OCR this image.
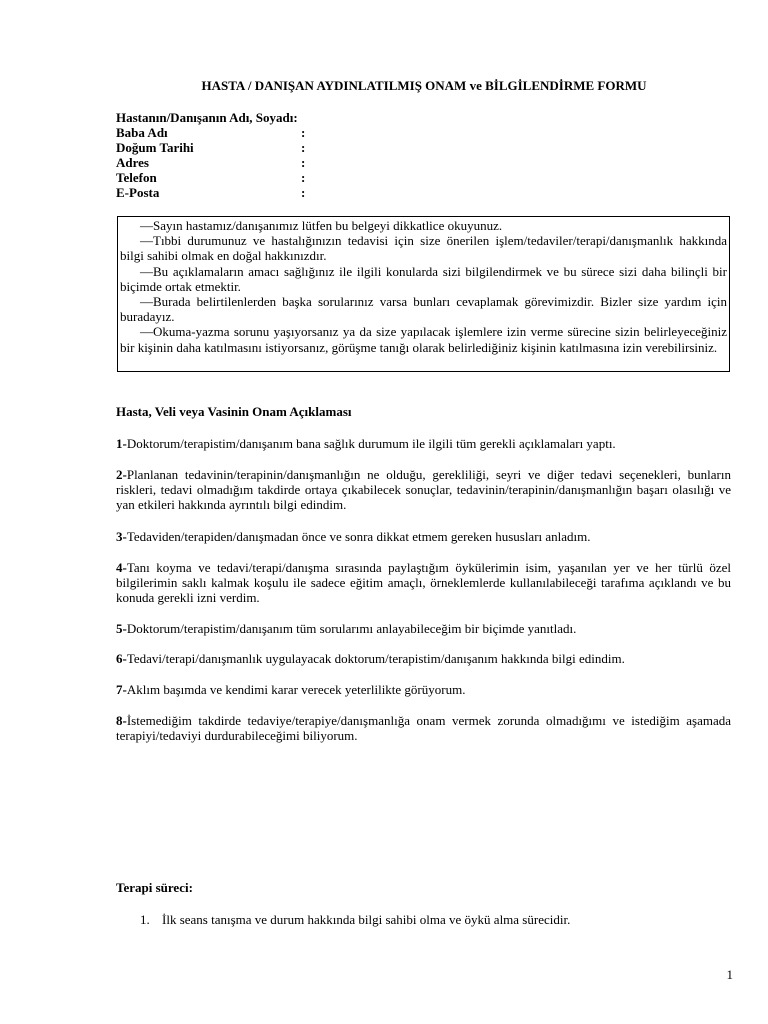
HASTA / DANIŞAN AYDINLATILMIŞ ONAM ve BİLGİLENDİRME FORMU
Hastanın/Danışanın Adı, Soyadı:
Baba Adı	:
Doğum Tarihi	:
Adres	:
Telefon	:
E-Posta	:

—Sayın hastamız/danışanımız lütfen bu belgeyi dikkatlice okuyunuz.

—Tıbbi durumunuz ve hastalığınızın tedavisi için size önerilen işlem/tedaviler/terapi/danışmanlık hakkında bilgi sahibi olmak en doğal hakkınızdır.

—Bu açıklamaların amacı sağlığınız ile ilgili konularda sizi bilgilendirmek ve bu sürece sizi daha bilinçli bir biçimde ortak etmektir.

—Burada belirtilenlerden başka sorularınız varsa bunları cevaplamak görevimizdir. Bizler size yardım için buradayız.

—Okuma-yazma sorunu yaşıyorsanız ya da size yapılacak işlemlere izin verme sürecine sizin belirleyeceğiniz bir kişinin daha katılmasını istiyorsanız, görüşme tanığı olarak belirlediğiniz kişinin katılmasına izin verebilirsiniz.

Hasta, Veli veya Vasinin Onam Açıklaması
1-Doktorum/terapistim/danışanım bana sağlık durumum ile ilgili tüm gerekli açıklamaları yaptı.
2-Planlanan tedavinin/terapinin/danışmanlığın ne olduğu, gerekliliği, seyri ve diğer tedavi seçenekleri, bunların riskleri, tedavi olmadığım takdirde ortaya çıkabilecek sonuçlar, tedavinin/terapinin/danışmanlığın başarı olasılığı ve yan etkileri hakkında ayrıntılı bilgi edindim.
3-Tedaviden/terapiden/danışmadan önce ve sonra dikkat etmem gereken hususları anladım.
4-Tanı koyma ve tedavi/terapi/danışma sırasında paylaştığım öykülerimin isim, yaşanılan yer ve her türlü özel bilgilerimin saklı kalmak koşulu ile sadece eğitim amaçlı, örneklemlerde kullanılabileceği tarafıma açıklandı ve bu konuda gerekli izni verdim.
5-Doktorum/terapistim/danışanım tüm sorularımı anlayabileceğim bir biçimde yanıtladı.
6-Tedavi/terapi/danışmanlık uygulayacak doktorum/terapistim/danışanım hakkında bilgi edindim.
7-Aklım başımda ve kendimi karar verecek yeterlilikte görüyorum.
8-İstemediğim takdirde tedaviye/terapiye/danışmanlığa onam vermek zorunda olmadığımı ve istediğim aşamada terapiyi/tedaviyi durdurabileceğimi biliyorum.
Terapi süreci:
1. İlk seans tanışma ve durum hakkında bilgi sahibi olma ve öykü alma sürecidir.
1
